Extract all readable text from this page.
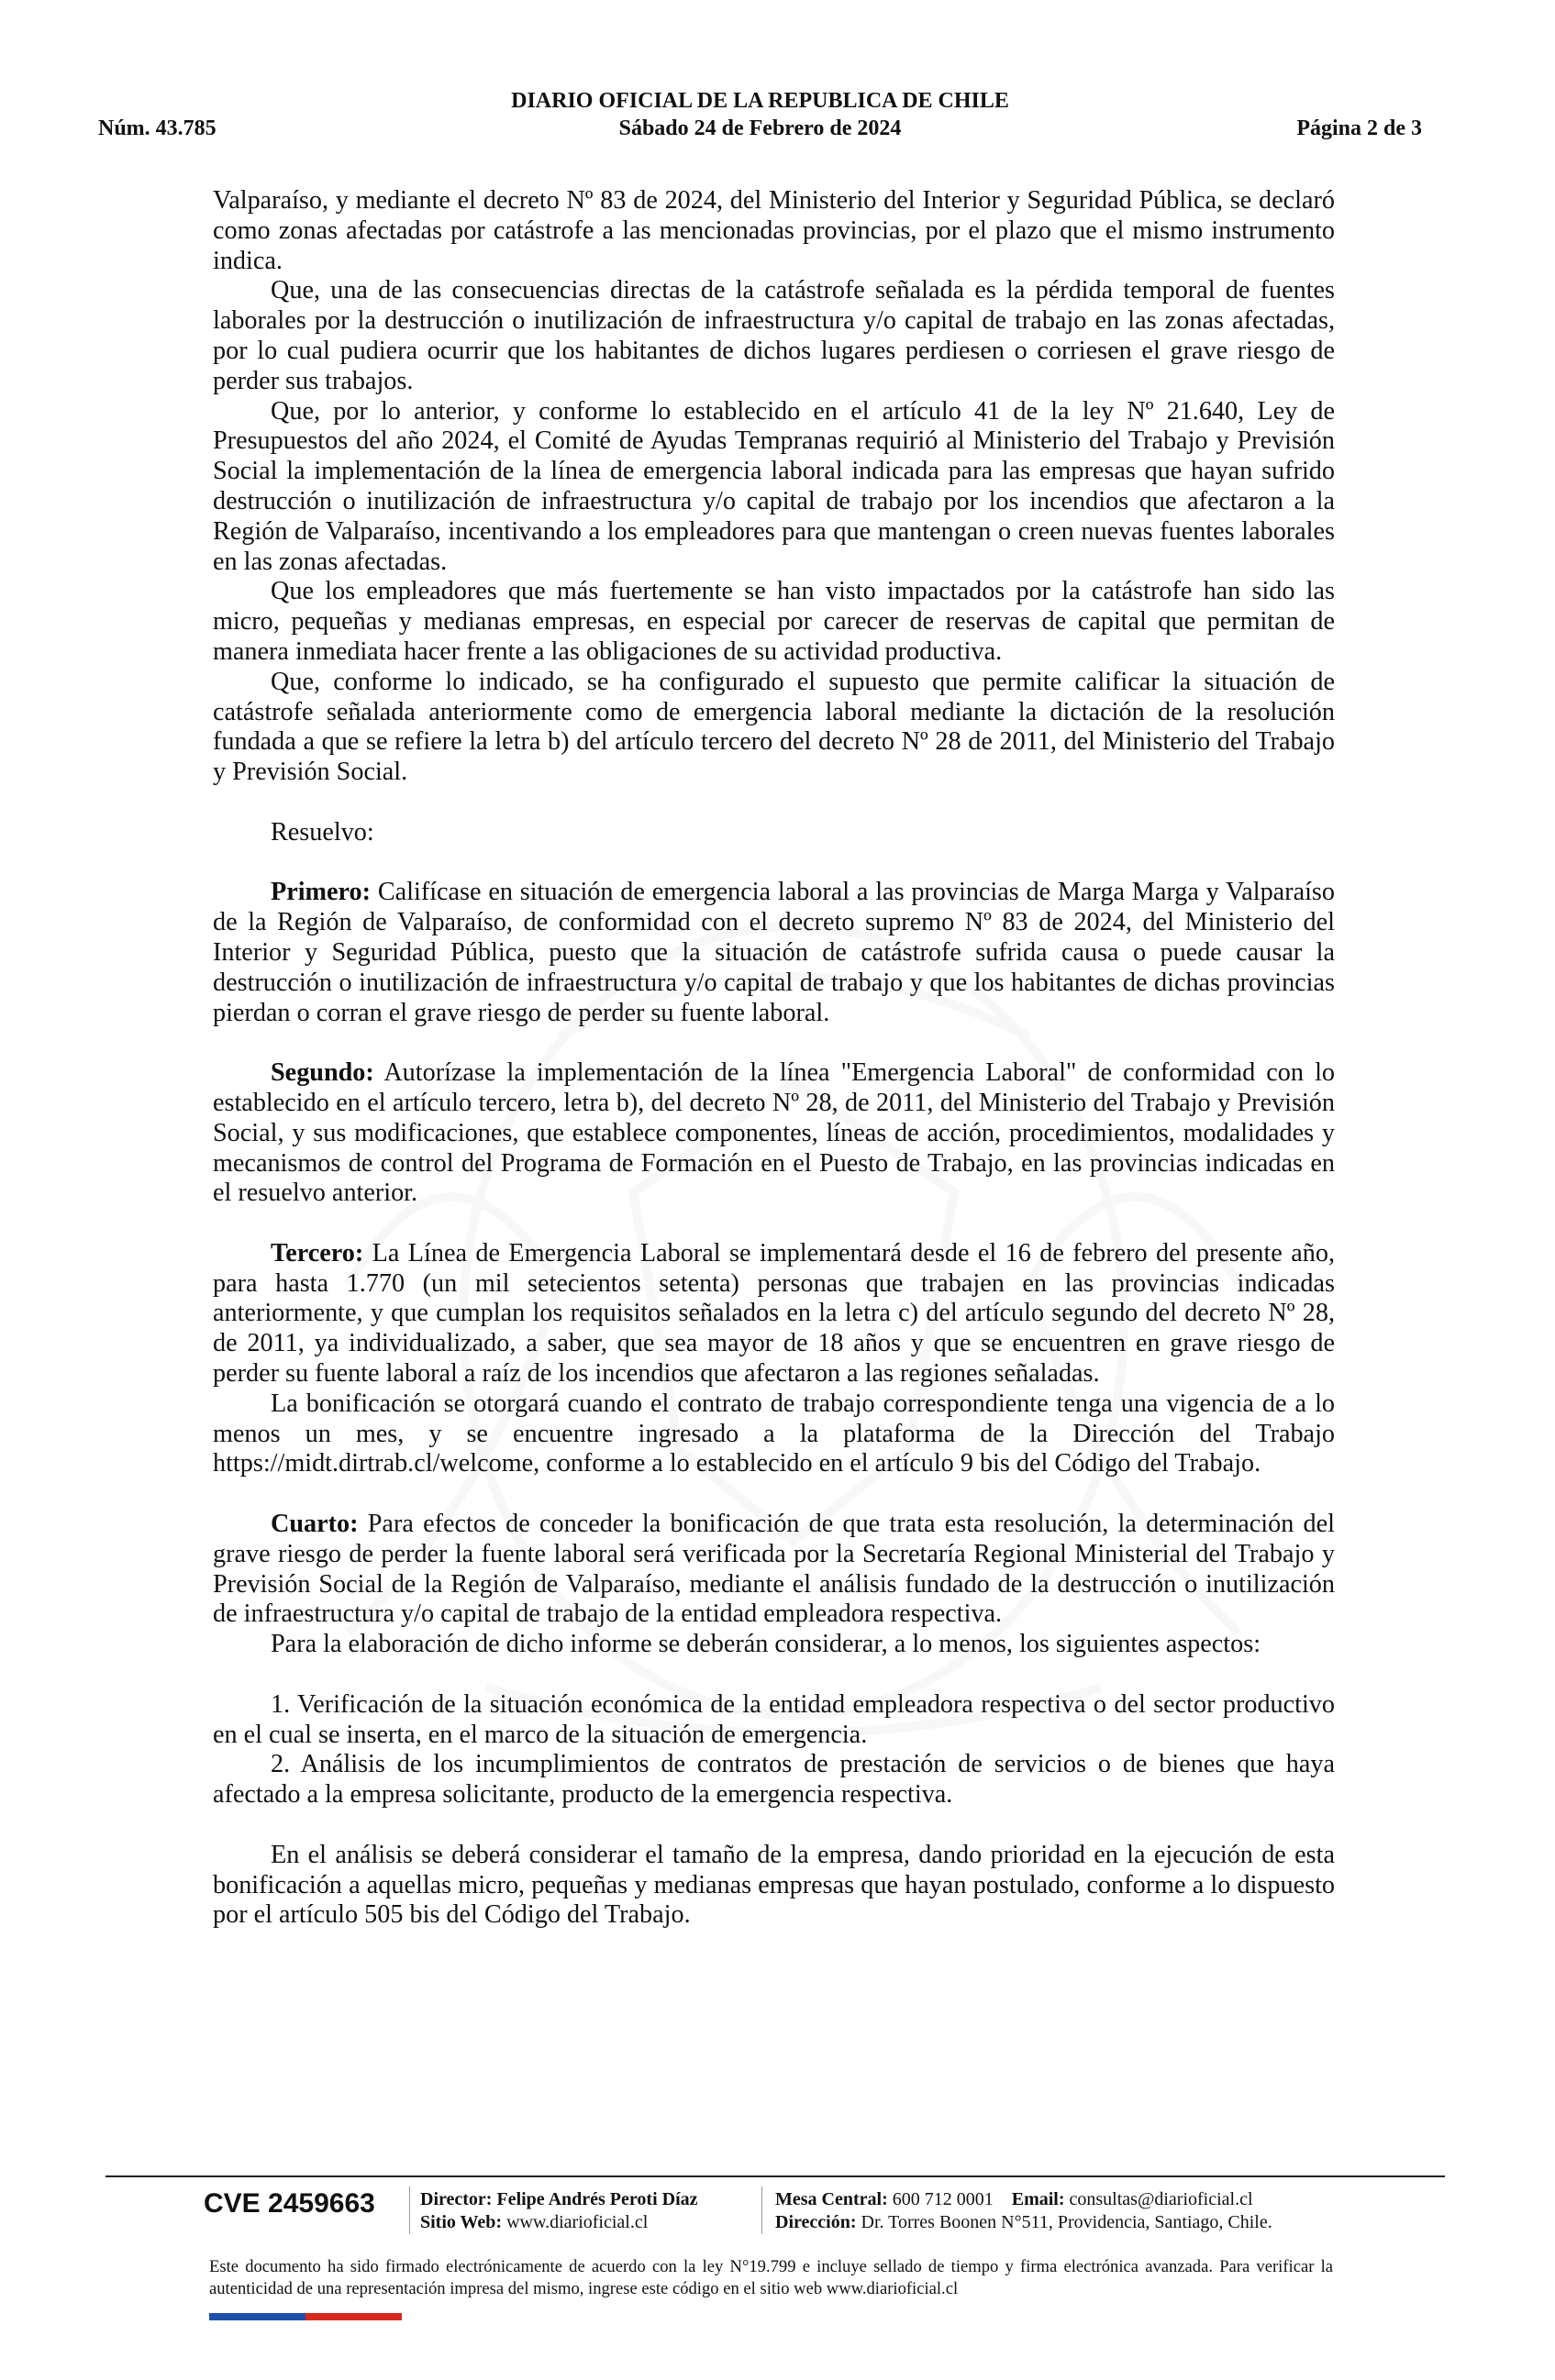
DIARIO OFICIAL DE LA REPUBLICA DE CHILE
Núm. 43.785	Sábado 24 de Febrero de 2024	Página 2 de 3

Valparaíso, y mediante el decreto Nº 83 de 2024, del Ministerio del Interior y Seguridad Pública, se declaró como zonas afectadas por catástrofe a las mencionadas provincias, por el plazo que el mismo instrumento indica.

Que, una de las consecuencias directas de la catástrofe señalada es la pérdida temporal de fuentes laborales por la destrucción o inutilización de infraestructura y/o capital de trabajo en las zonas afectadas, por lo cual pudiera ocurrir que los habitantes de dichos lugares perdiesen o corriesen el grave riesgo de perder sus trabajos.

Que, por lo anterior, y conforme lo establecido en el artículo 41 de la ley Nº 21.640, Ley de Presupuestos del año 2024, el Comité de Ayudas Tempranas requirió al Ministerio del Trabajo y Previsión Social la implementación de la línea de emergencia laboral indicada para las empresas que hayan sufrido destrucción o inutilización de infraestructura y/o capital de trabajo por los incendios que afectaron a la Región de Valparaíso, incentivando a los empleadores para que mantengan o creen nuevas fuentes laborales en las zonas afectadas.

Que los empleadores que más fuertemente se han visto impactados por la catástrofe han sido las micro, pequeñas y medianas empresas, en especial por carecer de reservas de capital que permitan de manera inmediata hacer frente a las obligaciones de su actividad productiva.

Que, conforme lo indicado, se ha configurado el supuesto que permite calificar la situación de catástrofe señalada anteriormente como de emergencia laboral mediante la dictación de la resolución fundada a que se refiere la letra b) del artículo tercero del decreto Nº 28 de 2011, del Ministerio del Trabajo y Previsión Social.

Resuelvo:

Primero: Califícase en situación de emergencia laboral a las provincias de Marga Marga y Valparaíso de la Región de Valparaíso, de conformidad con el decreto supremo Nº 83 de 2024, del Ministerio del Interior y Seguridad Pública, puesto que la situación de catástrofe sufrida causa o puede causar la destrucción o inutilización de infraestructura y/o capital de trabajo y que los habitantes de dichas provincias pierdan o corran el grave riesgo de perder su fuente laboral.

Segundo: Autorízase la implementación de la línea "Emergencia Laboral" de conformidad con lo establecido en el artículo tercero, letra b), del decreto Nº 28, de 2011, del Ministerio del Trabajo y Previsión Social, y sus modificaciones, que establece componentes, líneas de acción, procedimientos, modalidades y mecanismos de control del Programa de Formación en el Puesto de Trabajo, en las provincias indicadas en el resuelvo anterior.

Tercero: La Línea de Emergencia Laboral se implementará desde el 16 de febrero del presente año, para hasta 1.770 (un mil setecientos setenta) personas que trabajen en las provincias indicadas anteriormente, y que cumplan los requisitos señalados en la letra c) del artículo segundo del decreto Nº 28, de 2011, ya individualizado, a saber, que sea mayor de 18 años y que se encuentren en grave riesgo de perder su fuente laboral a raíz de los incendios que afectaron a las regiones señaladas.

La bonificación se otorgará cuando el contrato de trabajo correspondiente tenga una vigencia de a lo menos un mes, y se encuentre ingresado a la plataforma de la Dirección del Trabajo https://midt.dirtrab.cl/welcome, conforme a lo establecido en el artículo 9 bis del Código del Trabajo.

Cuarto: Para efectos de conceder la bonificación de que trata esta resolución, la determinación del grave riesgo de perder la fuente laboral será verificada por la Secretaría Regional Ministerial del Trabajo y Previsión Social de la Región de Valparaíso, mediante el análisis fundado de la destrucción o inutilización de infraestructura y/o capital de trabajo de la entidad empleadora respectiva.

Para la elaboración de dicho informe se deberán considerar, a lo menos, los siguientes aspectos:

1. Verificación de la situación económica de la entidad empleadora respectiva o del sector productivo en el cual se inserta, en el marco de la situación de emergencia.

2. Análisis de los incumplimientos de contratos de prestación de servicios o de bienes que haya afectado a la empresa solicitante, producto de la emergencia respectiva.

En el análisis se deberá considerar el tamaño de la empresa, dando prioridad en la ejecución de esta bonificación a aquellas micro, pequeñas y medianas empresas que hayan postulado, conforme a lo dispuesto por el artículo 505 bis del Código del Trabajo.

CVE 2459663 Director: Felipe Andrés Peroti Díaz
Sitio Web: www.diarioficial.cl
Mesa Central: 600 712 0001 Email: consultas@diarioficial.cl
Dirección: Dr. Torres Boonen N°511, Providencia, Santiago, Chile.
Este documento ha sido firmado electrónicamente de acuerdo con la ley N°19.799 e incluye sellado de tiempo y firma electrónica avanzada. Para verificar la autenticidad de una representación impresa del mismo, ingrese este código en el sitio web www.diarioficial.cl
